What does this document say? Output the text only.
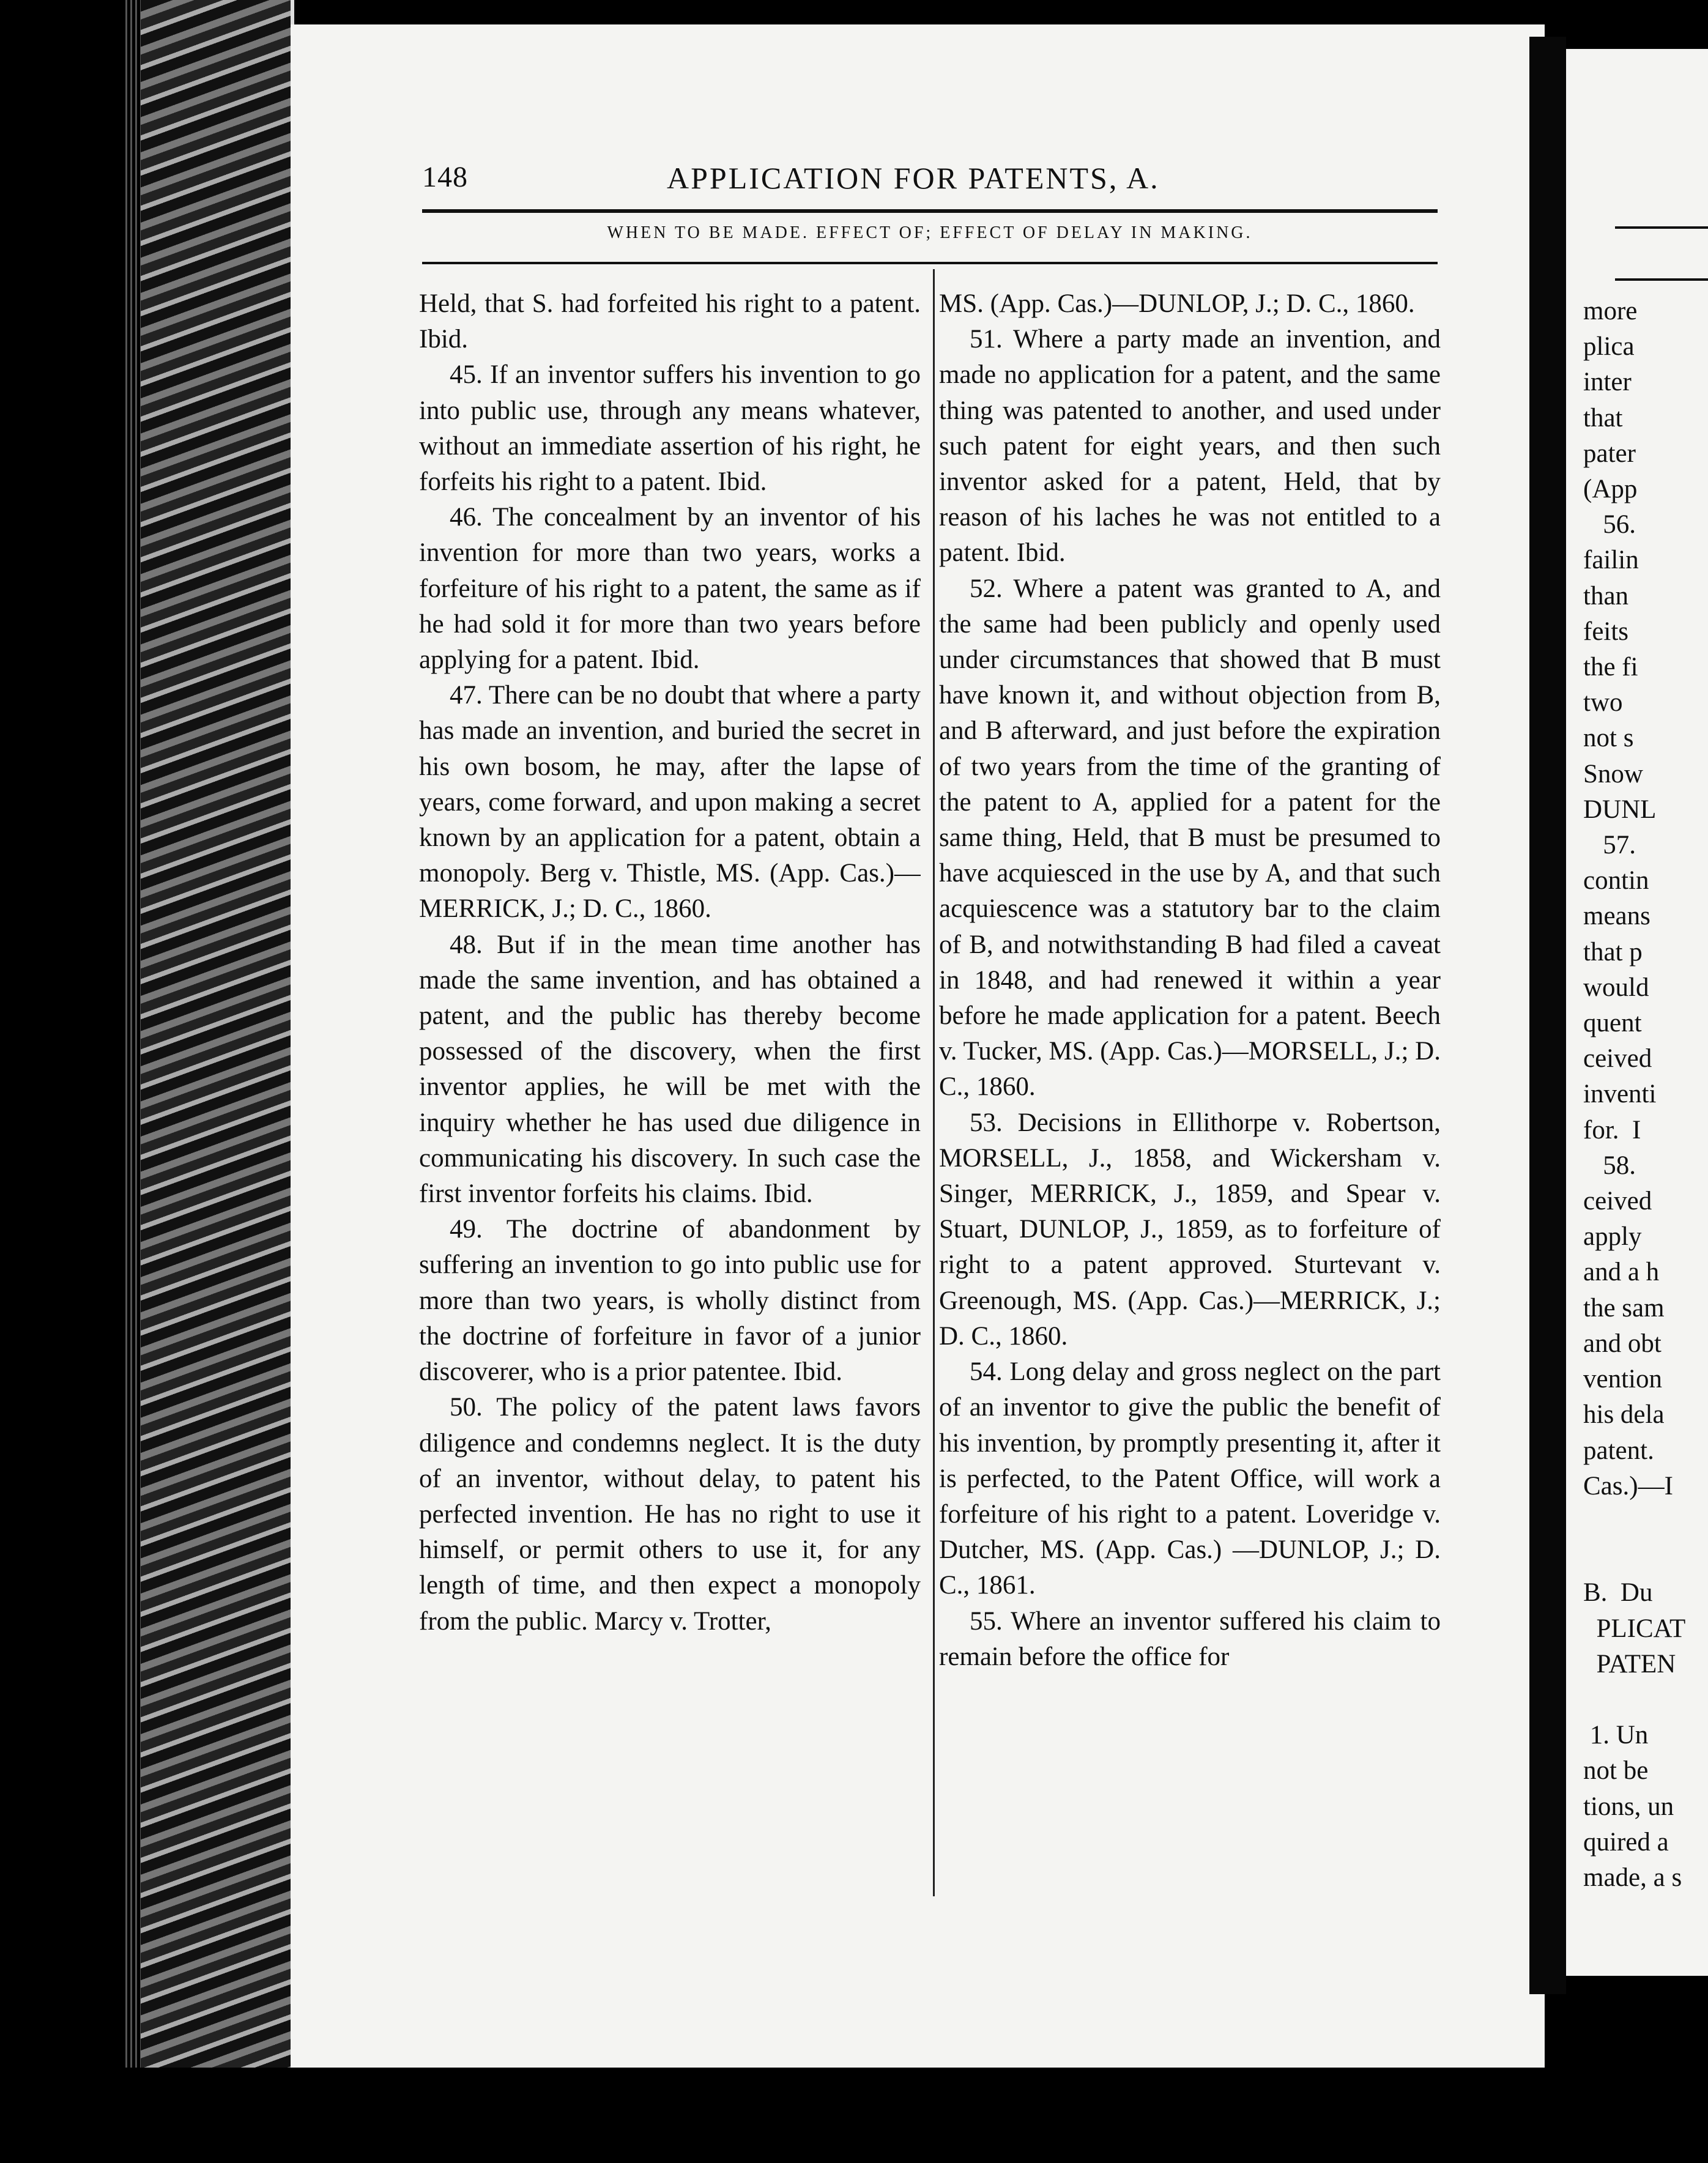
more
plica
inter
that
pater
(App
56.
failin
than
feits
the fi
two
not s
Snow
DUNL
57.
contin
means
that p
would
quent
ceived
inventi
for.  I
58.
ceived
apply
and a h
the sam
and obt
vention
his dela
patent.
Cas.)—I

B.  Du
PLICAT
PATEN

1. Un
not be
tions, un
quired a
made, a s
148	APPLICATION FOR PATENTS, A.
WHEN TO BE MADE. EFFECT OF; EFFECT OF DELAY IN MAKING.

Held, that S. had forfeited his right to a patent. Ibid.

45. If an inventor suffers his invention to go into public use, through any means whatever, without an immediate assertion of his right, he forfeits his right to a patent. Ibid.

46. The concealment by an inventor of his invention for more than two years, works a forfeiture of his right to a patent, the same as if he had sold it for more than two years before applying for a patent. Ibid.

47. There can be no doubt that where a party has made an invention, and buried the secret in his own bosom, he may, after the lapse of years, come forward, and upon making a secret known by an application for a patent, obtain a monopoly. Berg v. Thistle, MS. (App. Cas.)—MERRICK, J.; D. C., 1860.

48. But if in the mean time another has made the same invention, and has obtained a patent, and the public has thereby become possessed of the discovery, when the first inventor applies, he will be met with the inquiry whether he has used due diligence in communicating his discovery. In such case the first inventor forfeits his claims. Ibid.

49. The doctrine of abandonment by suffering an invention to go into public use for more than two years, is wholly distinct from the doctrine of forfeiture in favor of a junior discoverer, who is a prior patentee. Ibid.

50. The policy of the patent laws favors diligence and condemns neglect. It is the duty of an inventor, without delay, to patent his perfected invention. He has no right to use it himself, or permit others to use it, for any length of time, and then expect a monopoly from the public. Marcy v. Trotter,

MS. (App. Cas.)—DUNLOP, J.; D. C., 1860.

51. Where a party made an invention, and made no application for a patent, and the same thing was patented to another, and used under such patent for eight years, and then such inventor asked for a patent, Held, that by reason of his laches he was not entitled to a patent. Ibid.

52. Where a patent was granted to A, and the same had been publicly and openly used under circumstances that showed that B must have known it, and without objection from B, and B afterward, and just before the expiration of two years from the time of the granting of the patent to A, applied for a patent for the same thing, Held, that B must be presumed to have acquiesced in the use by A, and that such acquiescence was a statutory bar to the claim of B, and notwithstanding B had filed a caveat in 1848, and had renewed it within a year before he made application for a patent. Beech v. Tucker, MS. (App. Cas.)—MORSELL, J.; D. C., 1860.

53. Decisions in Ellithorpe v. Robertson, MORSELL, J., 1858, and Wickersham v. Singer, MERRICK, J., 1859, and Spear v. Stuart, DUNLOP, J., 1859, as to forfeiture of right to a patent approved. Sturtevant v. Greenough, MS. (App. Cas.)—MERRICK, J.; D. C., 1860.

54. Long delay and gross neglect on the part of an inventor to give the public the benefit of his invention, by promptly presenting it, after it is perfected, to the Patent Office, will work a forfeiture of his right to a patent. Loveridge v. Dutcher, MS. (App. Cas.) —DUNLOP, J.; D. C., 1861.

55. Where an inventor suffered his claim to remain before the office for
